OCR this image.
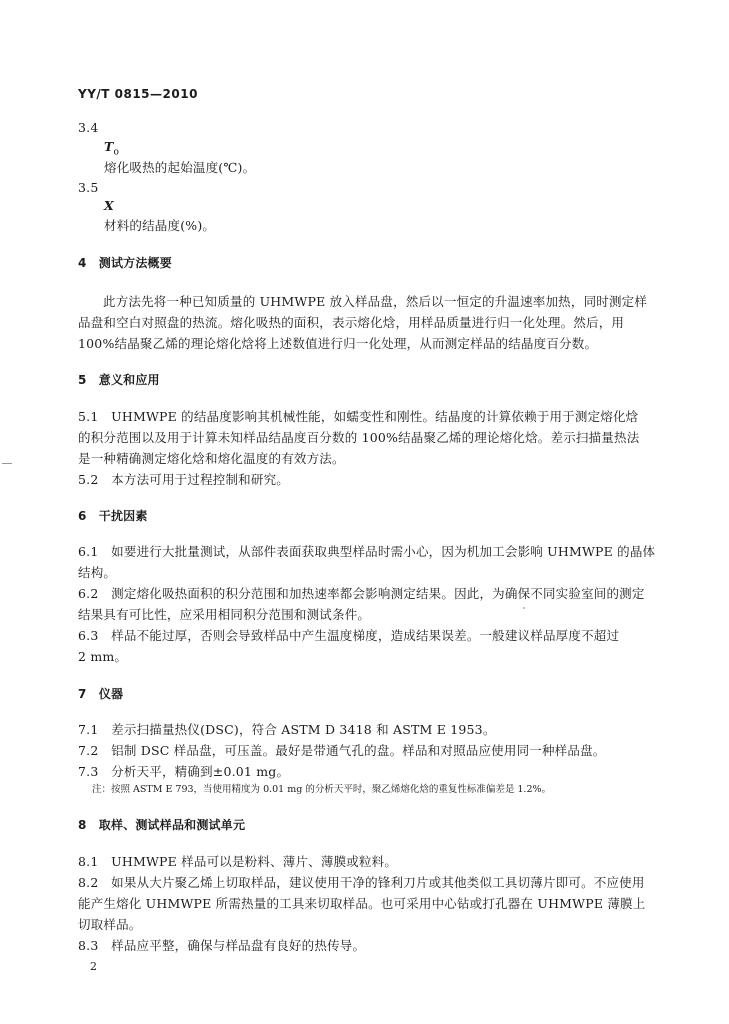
YY/T 0815—2010
3.4
$T_o$
熔化吸热的起始温度(℃)。
3.5
X
材料的结晶度(%)。
4　测试方法概要
此方法先将一种已知质量的 UHMWPE 放入样品盘，然后以一恒定的升温速率加热，同时测定样
品盘和空白对照盘的热流。熔化吸热的面积，表示熔化焓，用样品质量进行归一化处理。然后，用
100%结晶聚乙烯的理论熔化焓将上述数值进行归一化处理，从而测定样品的结晶度百分数。
5　意义和应用
5.1　UHMWPE 的结晶度影响其机械性能，如蠕变性和刚性。结晶度的计算依赖于用于测定熔化焓
的积分范围以及用于计算未知样品结晶度百分数的 100%结晶聚乙烯的理论熔化焓。差示扫描量热法
是一种精确测定熔化焓和熔化温度的有效方法。
5.2　本方法可用于过程控制和研究。
6　干扰因素
6.1　如要进行大批量测试，从部件表面获取典型样品时需小心，因为机加工会影响 UHMWPE 的晶体
结构。
6.2　测定熔化吸热面积的积分范围和加热速率都会影响测定结果。因此，为确保不同实验室间的测定
结果具有可比性，应采用相同积分范围和测试条件。
6.3　样品不能过厚，否则会导致样品中产生温度梯度，造成结果误差。一般建议样品厚度不超过
2 mm。
7　仪器
7.1　差示扫描量热仪(DSC)，符合 ASTM D 3418 和 ASTM E 1953。
7.2　铝制 DSC 样品盘，可压盖。最好是带通气孔的盘。样品和对照品应使用同一种样品盘。
7.3　分析天平，精确到±0.01 mg。
注：按照 ASTM E 793，当使用精度为 0.01 mg 的分析天平时，聚乙烯熔化焓的重复性标准偏差是 1.2%。
8　取样、测试样品和测试单元
8.1　UHMWPE 样品可以是粉料、薄片、薄膜或粒料。
8.2　如果从大片聚乙烯上切取样品，建议使用干净的锋利刀片或其他类似工具切薄片即可。不应使用
能产生熔化 UHMWPE 所需热量的工具来切取样品。也可采用中心钻或打孔器在 UHMWPE 薄膜上
切取样品。
8.3　样品应平整，确保与样品盘有良好的热传导。
2
